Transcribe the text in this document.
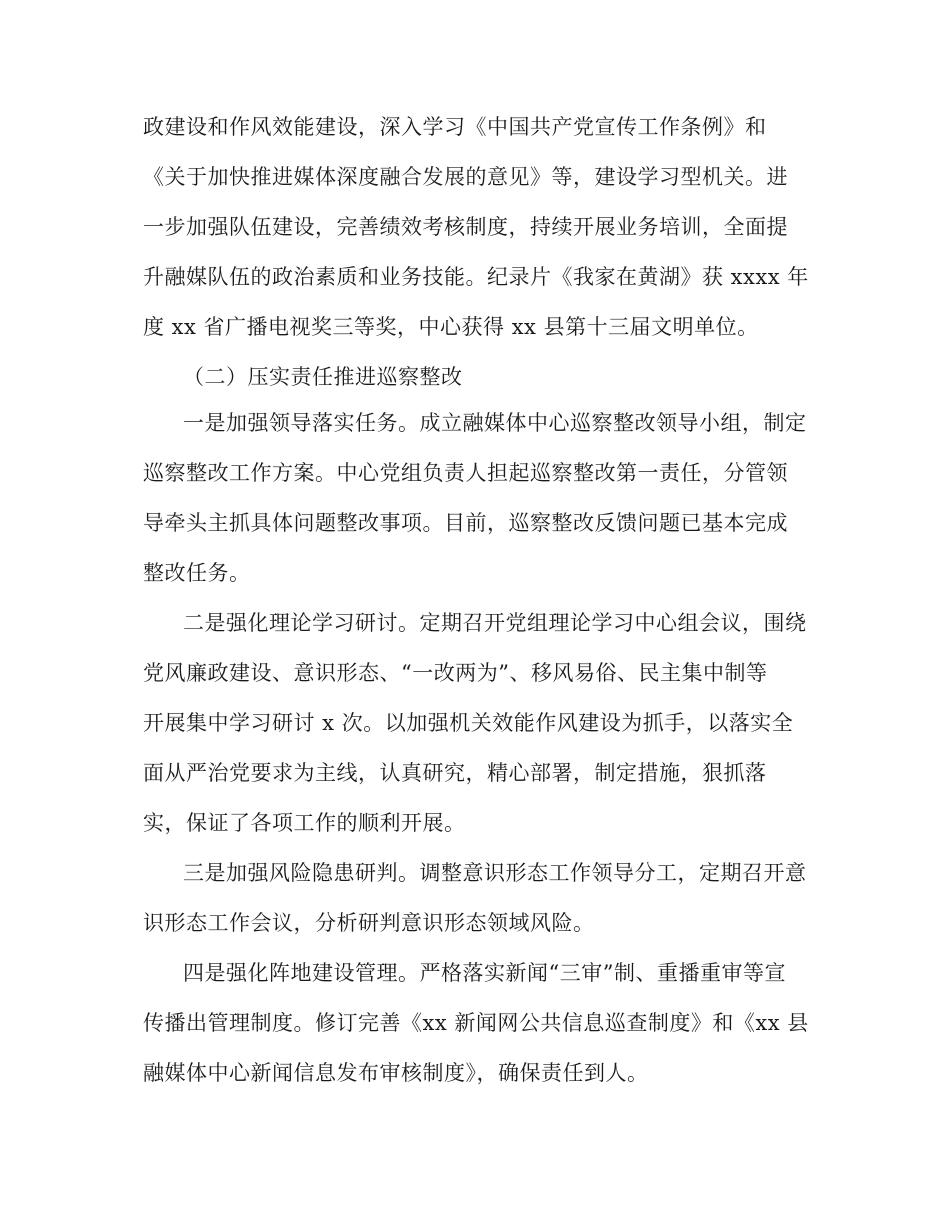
政建设和作风效能建设，深入学习《中国共产党宣传工作条例》和
《关于加快推进媒体深度融合发展的意见》等，建设学习型机关。进
一步加强队伍建设，完善绩效考核制度，持续开展业务培训，全面提
升融媒队伍的政治素质和业务技能。纪录片《我家在黄湖》获 xxxx 年
度 xx 省广播电视奖三等奖，中心获得 xx 县第十三届文明单位。
（二）压实责任推进巡察整改
一是加强领导落实任务。成立融媒体中心巡察整改领导小组，制定
巡察整改工作方案。中心党组负责人担起巡察整改第一责任，分管领
导牵头主抓具体问题整改事项。目前，巡察整改反馈问题已基本完成
整改任务。
二是强化理论学习研讨。定期召开党组理论学习中心组会议，围绕
党风廉政建设、意识形态、“一改两为”、移风易俗、民主集中制等
开展集中学习研讨 x 次。以加强机关效能作风建设为抓手，以落实全
面从严治党要求为主线，认真研究，精心部署，制定措施，狠抓落
实，保证了各项工作的顺利开展。
三是加强风险隐患研判。调整意识形态工作领导分工，定期召开意
识形态工作会议，分析研判意识形态领域风险。
四是强化阵地建设管理。严格落实新闻“三审”制、重播重审等宣
传播出管理制度。修订完善《xx 新闻网公共信息巡查制度》和《xx 县
融媒体中心新闻信息发布审核制度》，确保责任到人。
